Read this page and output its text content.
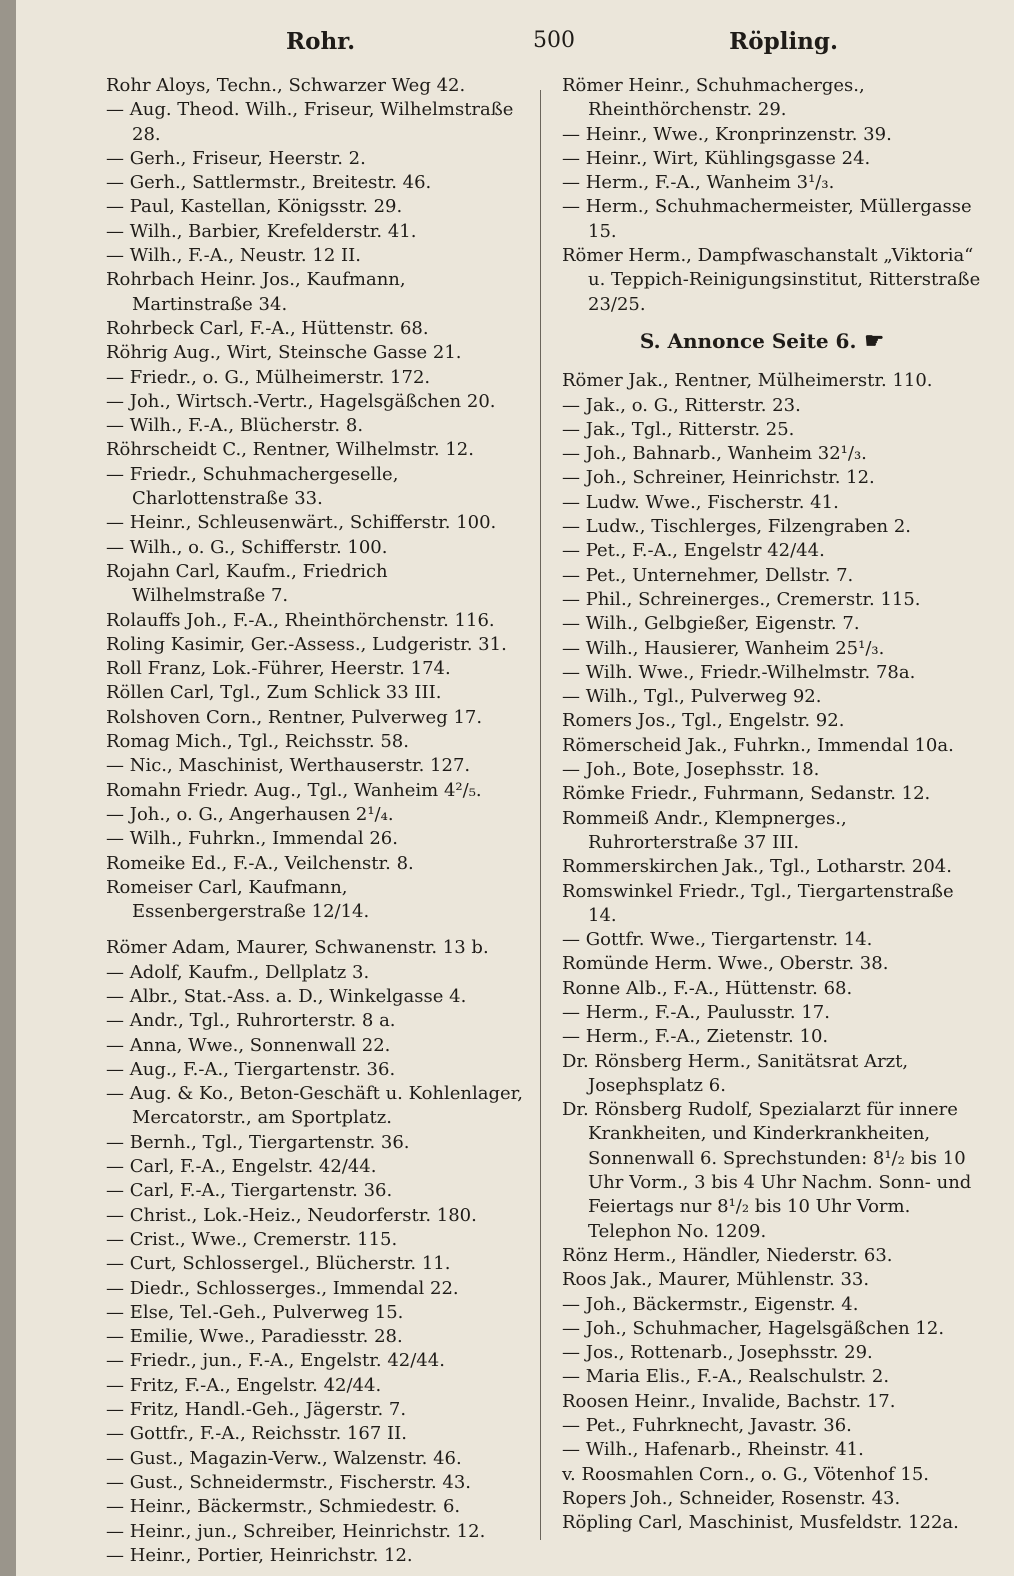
Rohr.	500	Röpling.

Rohr Aloys, Techn., Schwarzer Weg 42.

— Aug. Theod. Wilh., Friseur, Wilhelmstraße 28.

— Gerh., Friseur, Heerstr. 2.

— Gerh., Sattlermstr., Breitestr. 46.

— Paul, Kastellan, Königsstr. 29.

— Wilh., Barbier, Krefelderstr. 41.

— Wilh., F.-A., Neustr. 12 II.

Rohrbach Heinr. Jos., Kaufmann, Martinstraße 34.

Rohrbeck Carl, F.-A., Hüttenstr. 68.

Röhrig Aug., Wirt, Steinsche Gasse 21.

— Friedr., o. G., Mülheimerstr. 172.

— Joh., Wirtsch.-Vertr., Hagelsgäßchen 20.

— Wilh., F.-A., Blücherstr. 8.

Röhrscheidt C., Rentner, Wilhelmstr. 12.

— Friedr., Schuhmachergeselle, Charlottenstraße 33.

— Heinr., Schleusenwärt., Schifferstr. 100.

— Wilh., o. G., Schifferstr. 100.

Rojahn Carl, Kaufm., Friedrich Wilhelmstraße 7.

Rolauffs Joh., F.-A., Rheinthörchenstr. 116.

Roling Kasimir, Ger.-Assess., Ludgeristr. 31.

Roll Franz, Lok.-Führer, Heerstr. 174.

Röllen Carl, Tgl., Zum Schlick 33 III.

Rolshoven Corn., Rentner, Pulverweg 17.

Romag Mich., Tgl., Reichsstr. 58.

— Nic., Maschinist, Werthauserstr. 127.

Romahn Friedr. Aug., Tgl., Wanheim 4²/₅.

— Joh., o. G., Angerhausen 2¹/₄.

— Wilh., Fuhrkn., Immendal 26.

Romeike Ed., F.-A., Veilchenstr. 8.

Romeiser Carl, Kaufmann, Essenbergerstraße 12/14.

Römer Adam, Maurer, Schwanenstr. 13 b.

— Adolf, Kaufm., Dellplatz 3.

— Albr., Stat.-Ass. a. D., Winkelgasse 4.

— Andr., Tgl., Ruhrorterstr. 8 a.

— Anna, Wwe., Sonnenwall 22.

— Aug., F.-A., Tiergartenstr. 36.

— Aug. & Ko., Beton-Geschäft u. Kohlenlager, Mercatorstr., am Sportplatz.

— Bernh., Tgl., Tiergartenstr. 36.

— Carl, F.-A., Engelstr. 42/44.

— Carl, F.-A., Tiergartenstr. 36.

— Christ., Lok.-Heiz., Neudorferstr. 180.

— Crist., Wwe., Cremerstr. 115.

— Curt, Schlossergel., Blücherstr. 11.

— Diedr., Schlosserges., Immendal 22.

— Else, Tel.-Geh., Pulverweg 15.

— Emilie, Wwe., Paradiesstr. 28.

— Friedr., jun., F.-A., Engelstr. 42/44.

— Fritz, F.-A., Engelstr. 42/44.

— Fritz, Handl.-Geh., Jägerstr. 7.

— Gottfr., F.-A., Reichsstr. 167 II.

— Gust., Magazin-Verw., Walzenstr. 46.

— Gust., Schneidermstr., Fischerstr. 43.

— Heinr., Bäckermstr., Schmiedestr. 6.

— Heinr., jun., Schreiber, Heinrichstr. 12.

— Heinr., Portier, Heinrichstr. 12.

Römer Heinr., Schuhmacherges., Rheinthörchenstr. 29.

— Heinr., Wwe., Kronprinzenstr. 39.

— Heinr., Wirt, Kühlingsgasse 24.

— Herm., F.-A., Wanheim 3¹/₃.

— Herm., Schuhmachermeister, Müllergasse 15.

Römer Herm., Dampfwaschanstalt „Viktoria“ u. Teppich-Reinigungsinstitut, Ritterstraße 23/25.

S. Annonce Seite 6. ☛

Römer Jak., Rentner, Mülheimerstr. 110.

— Jak., o. G., Ritterstr. 23.

— Jak., Tgl., Ritterstr. 25.

— Joh., Bahnarb., Wanheim 32¹/₃.

— Joh., Schreiner, Heinrichstr. 12.

— Ludw. Wwe., Fischerstr. 41.

— Ludw., Tischlerges, Filzengraben 2.

— Pet., F.-A., Engelstr 42/44.

— Pet., Unternehmer, Dellstr. 7.

— Phil., Schreinerges., Cremerstr. 115.

— Wilh., Gelbgießer, Eigenstr. 7.

— Wilh., Hausierer, Wanheim 25¹/₃.

— Wilh. Wwe., Friedr.-Wilhelmstr. 78a.

— Wilh., Tgl., Pulverweg 92.

Romers Jos., Tgl., Engelstr. 92.

Römerscheid Jak., Fuhrkn., Immendal 10a.

— Joh., Bote, Josephsstr. 18.

Römke Friedr., Fuhrmann, Sedanstr. 12.

Rommeiß Andr., Klempnerges., Ruhrorterstraße 37 III.

Rommerskirchen Jak., Tgl., Lotharstr. 204.

Romswinkel Friedr., Tgl., Tiergartenstraße 14.

— Gottfr. Wwe., Tiergartenstr. 14.

Romünde Herm. Wwe., Oberstr. 38.

Ronne Alb., F.-A., Hüttenstr. 68.

— Herm., F.-A., Paulusstr. 17.

— Herm., F.-A., Zietenstr. 10.

Dr. Rönsberg Herm., Sanitätsrat Arzt, Josephsplatz 6.

Dr. Rönsberg Rudolf, Spezialarzt für innere Krankheiten, und Kinderkrankheiten, Sonnenwall 6. Sprechstunden: 8¹/₂ bis 10 Uhr Vorm., 3 bis 4 Uhr Nachm. Sonn- und Feiertags nur 8¹/₂ bis 10 Uhr Vorm. Telephon No. 1209.

Rönz Herm., Händler, Niederstr. 63.

Roos Jak., Maurer, Mühlenstr. 33.

— Joh., Bäckermstr., Eigenstr. 4.

— Joh., Schuhmacher, Hagelsgäßchen 12.

— Jos., Rottenarb., Josephsstr. 29.

— Maria Elis., F.-A., Realschulstr. 2.

Roosen Heinr., Invalide, Bachstr. 17.

— Pet., Fuhrknecht, Javastr. 36.

— Wilh., Hafenarb., Rheinstr. 41.

v. Roosmahlen Corn., o. G., Vötenhof 15.

Ropers Joh., Schneider, Rosenstr. 43.

Röpling Carl, Maschinist, Musfeldstr. 122a.
